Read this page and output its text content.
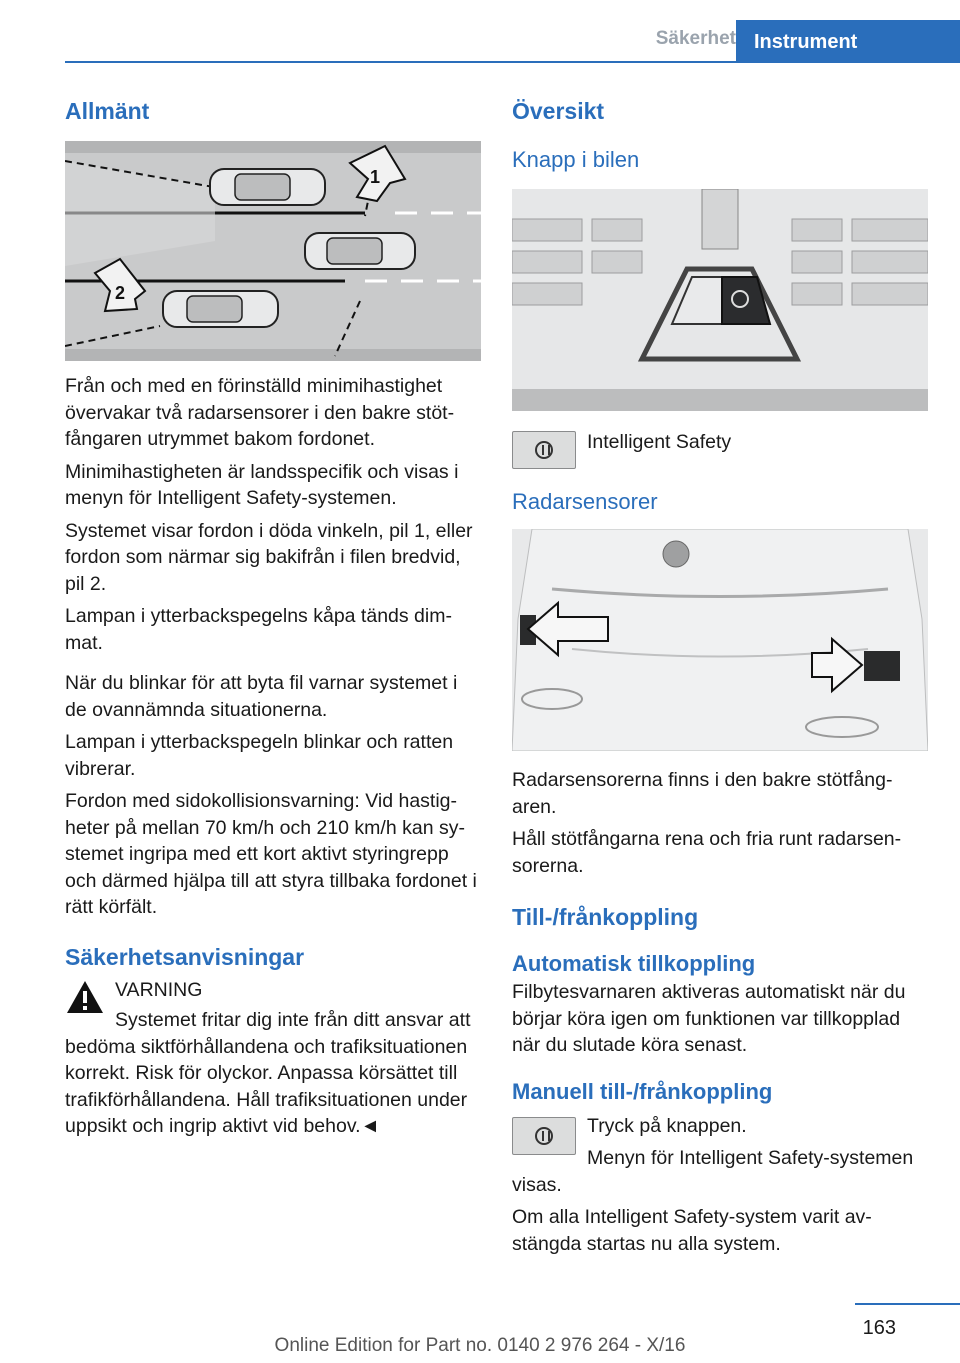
Säkerhet Instrument
Allmänt
1
2

Från och med en förinställd minimihastighet övervakar två radarsensorer i den bakre stötfångaren utrymmet bakom fordonet.

Minimihastigheten är landsspecifik och visas i menyn för Intelligent Safety-systemen.

Systemet visar fordon i döda vinkeln, pil 1, eller fordon som närmar sig bakifrån i filen bredvid, pil 2.

Lampan i ytterbackspegelns kåpa tänds dimmat.

När du blinkar för att byta fil varnar systemet i de ovannämnda situationerna.

Lampan i ytterbackspegeln blinkar och ratten vibrerar.

Fordon med sidokollisionsvarning: Vid hastigheter på mellan 70 km/h och 210 km/h kan systemet ingripa med ett kort aktivt styringrepp och därmed hjälpa till att styra tillbaka fordonet i rätt körfält.

Säkerhetsanvisningar

VARNING

Systemet fritar dig inte från ditt ansvar att bedöma siktförhållandena och trafiksituationen korrekt. Risk för olyckor. Anpassa körsättet till trafikförhållandena. Håll trafiksituationen under uppsikt och ingrip aktivt vid behov.◄

Översikt
Knapp i bilen

Intelligent Safety

Radarsensorer

Radarsensorerna finns i den bakre stötfångaren.

Håll stötfångarna rena och fria runt radarsensorerna.

Till-/frånkoppling
Automatisk tillkoppling

Filbytesvarnaren aktiveras automatiskt när du börjar köra igen om funktionen var tillkopplad när du slutade köra senast.

Manuell till-/frånkoppling

Tryck på knappen.

Menyn för Intelligent Safety-systemen visas.

Om alla Intelligent Safety-system varit avstängda startas nu alla system.

163
Online Edition for Part no. 0140 2 976 264 - X/16
